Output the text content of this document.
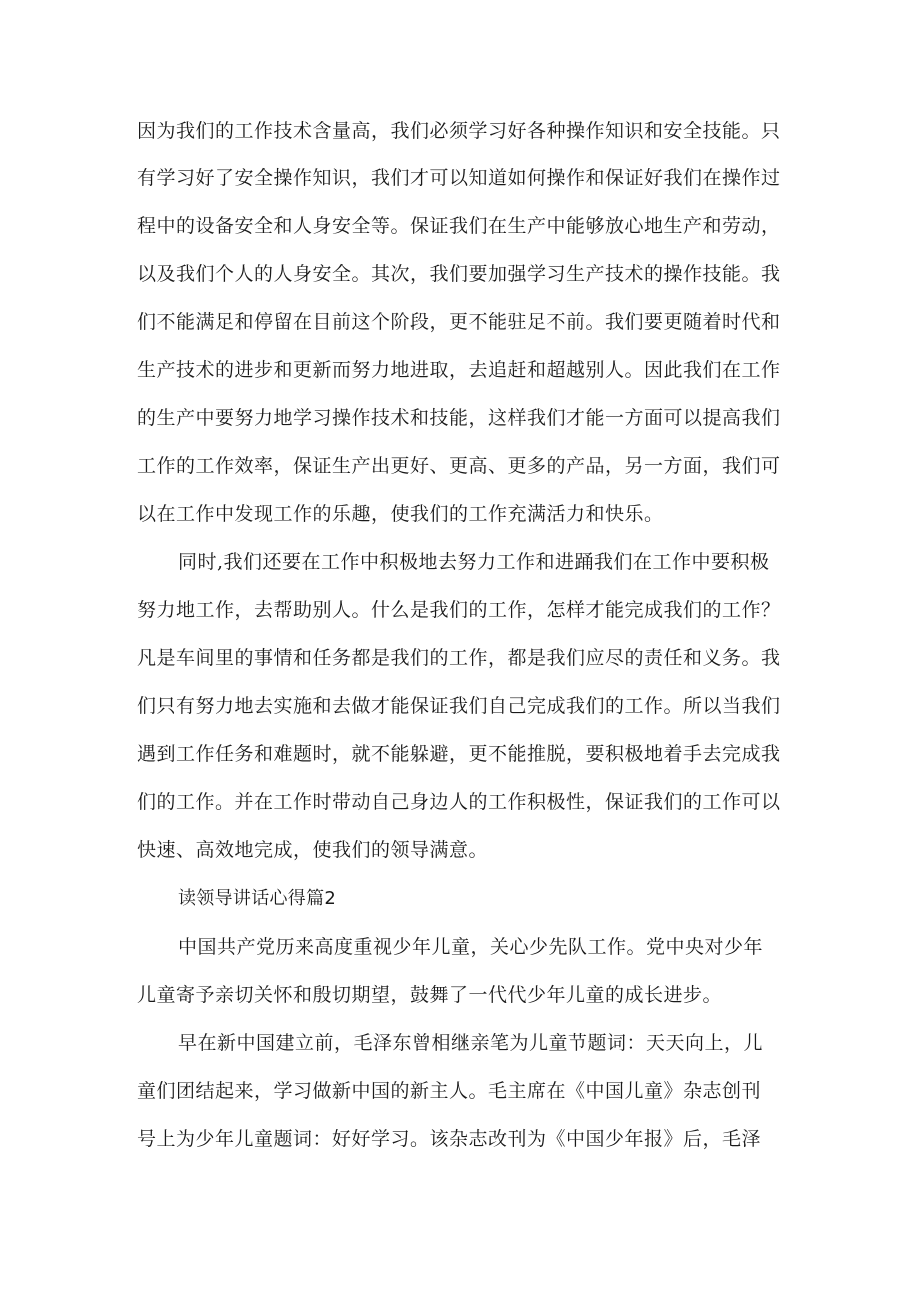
因为我们的工作技术含量高，我们必须学习好各种操作知识和安全技能。只
有学习好了安全操作知识，我们才可以知道如何操作和保证好我们在操作过
程中的设备安全和人身安全等。保证我们在生产中能够放心地生产和劳动，
以及我们个人的人身安全。其次，我们要加强学习生产技术的操作技能。我
们不能满足和停留在目前这个阶段，更不能驻足不前。我们要更随着时代和
生产技术的进步和更新而努力地进取，去追赶和超越别人。因此我们在工作
的生产中要努力地学习操作技术和技能，这样我们才能一方面可以提高我们
工作的工作效率，保证生产出更好、更高、更多的产品，另一方面，我们可
以在工作中发现工作的乐趣，使我们的工作充满活力和快乐。
同时,我们还要在工作中积极地去努力工作和进踊我们在工作中要积极
努力地工作，去帮助别人。什么是我们的工作，怎样才能完成我们的工作？
凡是车间里的事情和任务都是我们的工作，都是我们应尽的责任和义务。我
们只有努力地去实施和去做才能保证我们自己完成我们的工作。所以当我们
遇到工作任务和难题时，就不能躲避，更不能推脱，要积极地着手去完成我
们的工作。并在工作时带动自己身边人的工作积极性，保证我们的工作可以
快速、高效地完成，使我们的领导满意。
读领导讲话心得篇2
中国共产党历来高度重视少年儿童，关心少先队工作。党中央对少年
儿童寄予亲切关怀和殷切期望，鼓舞了一代代少年儿童的成长进步。
早在新中国建立前，毛泽东曾相继亲笔为儿童节题词：天天向上，儿
童们团结起来，学习做新中国的新主人。毛主席在《中国儿童》杂志创刊
号上为少年儿童题词：好好学习。该杂志改刊为《中国少年报》后，毛泽
